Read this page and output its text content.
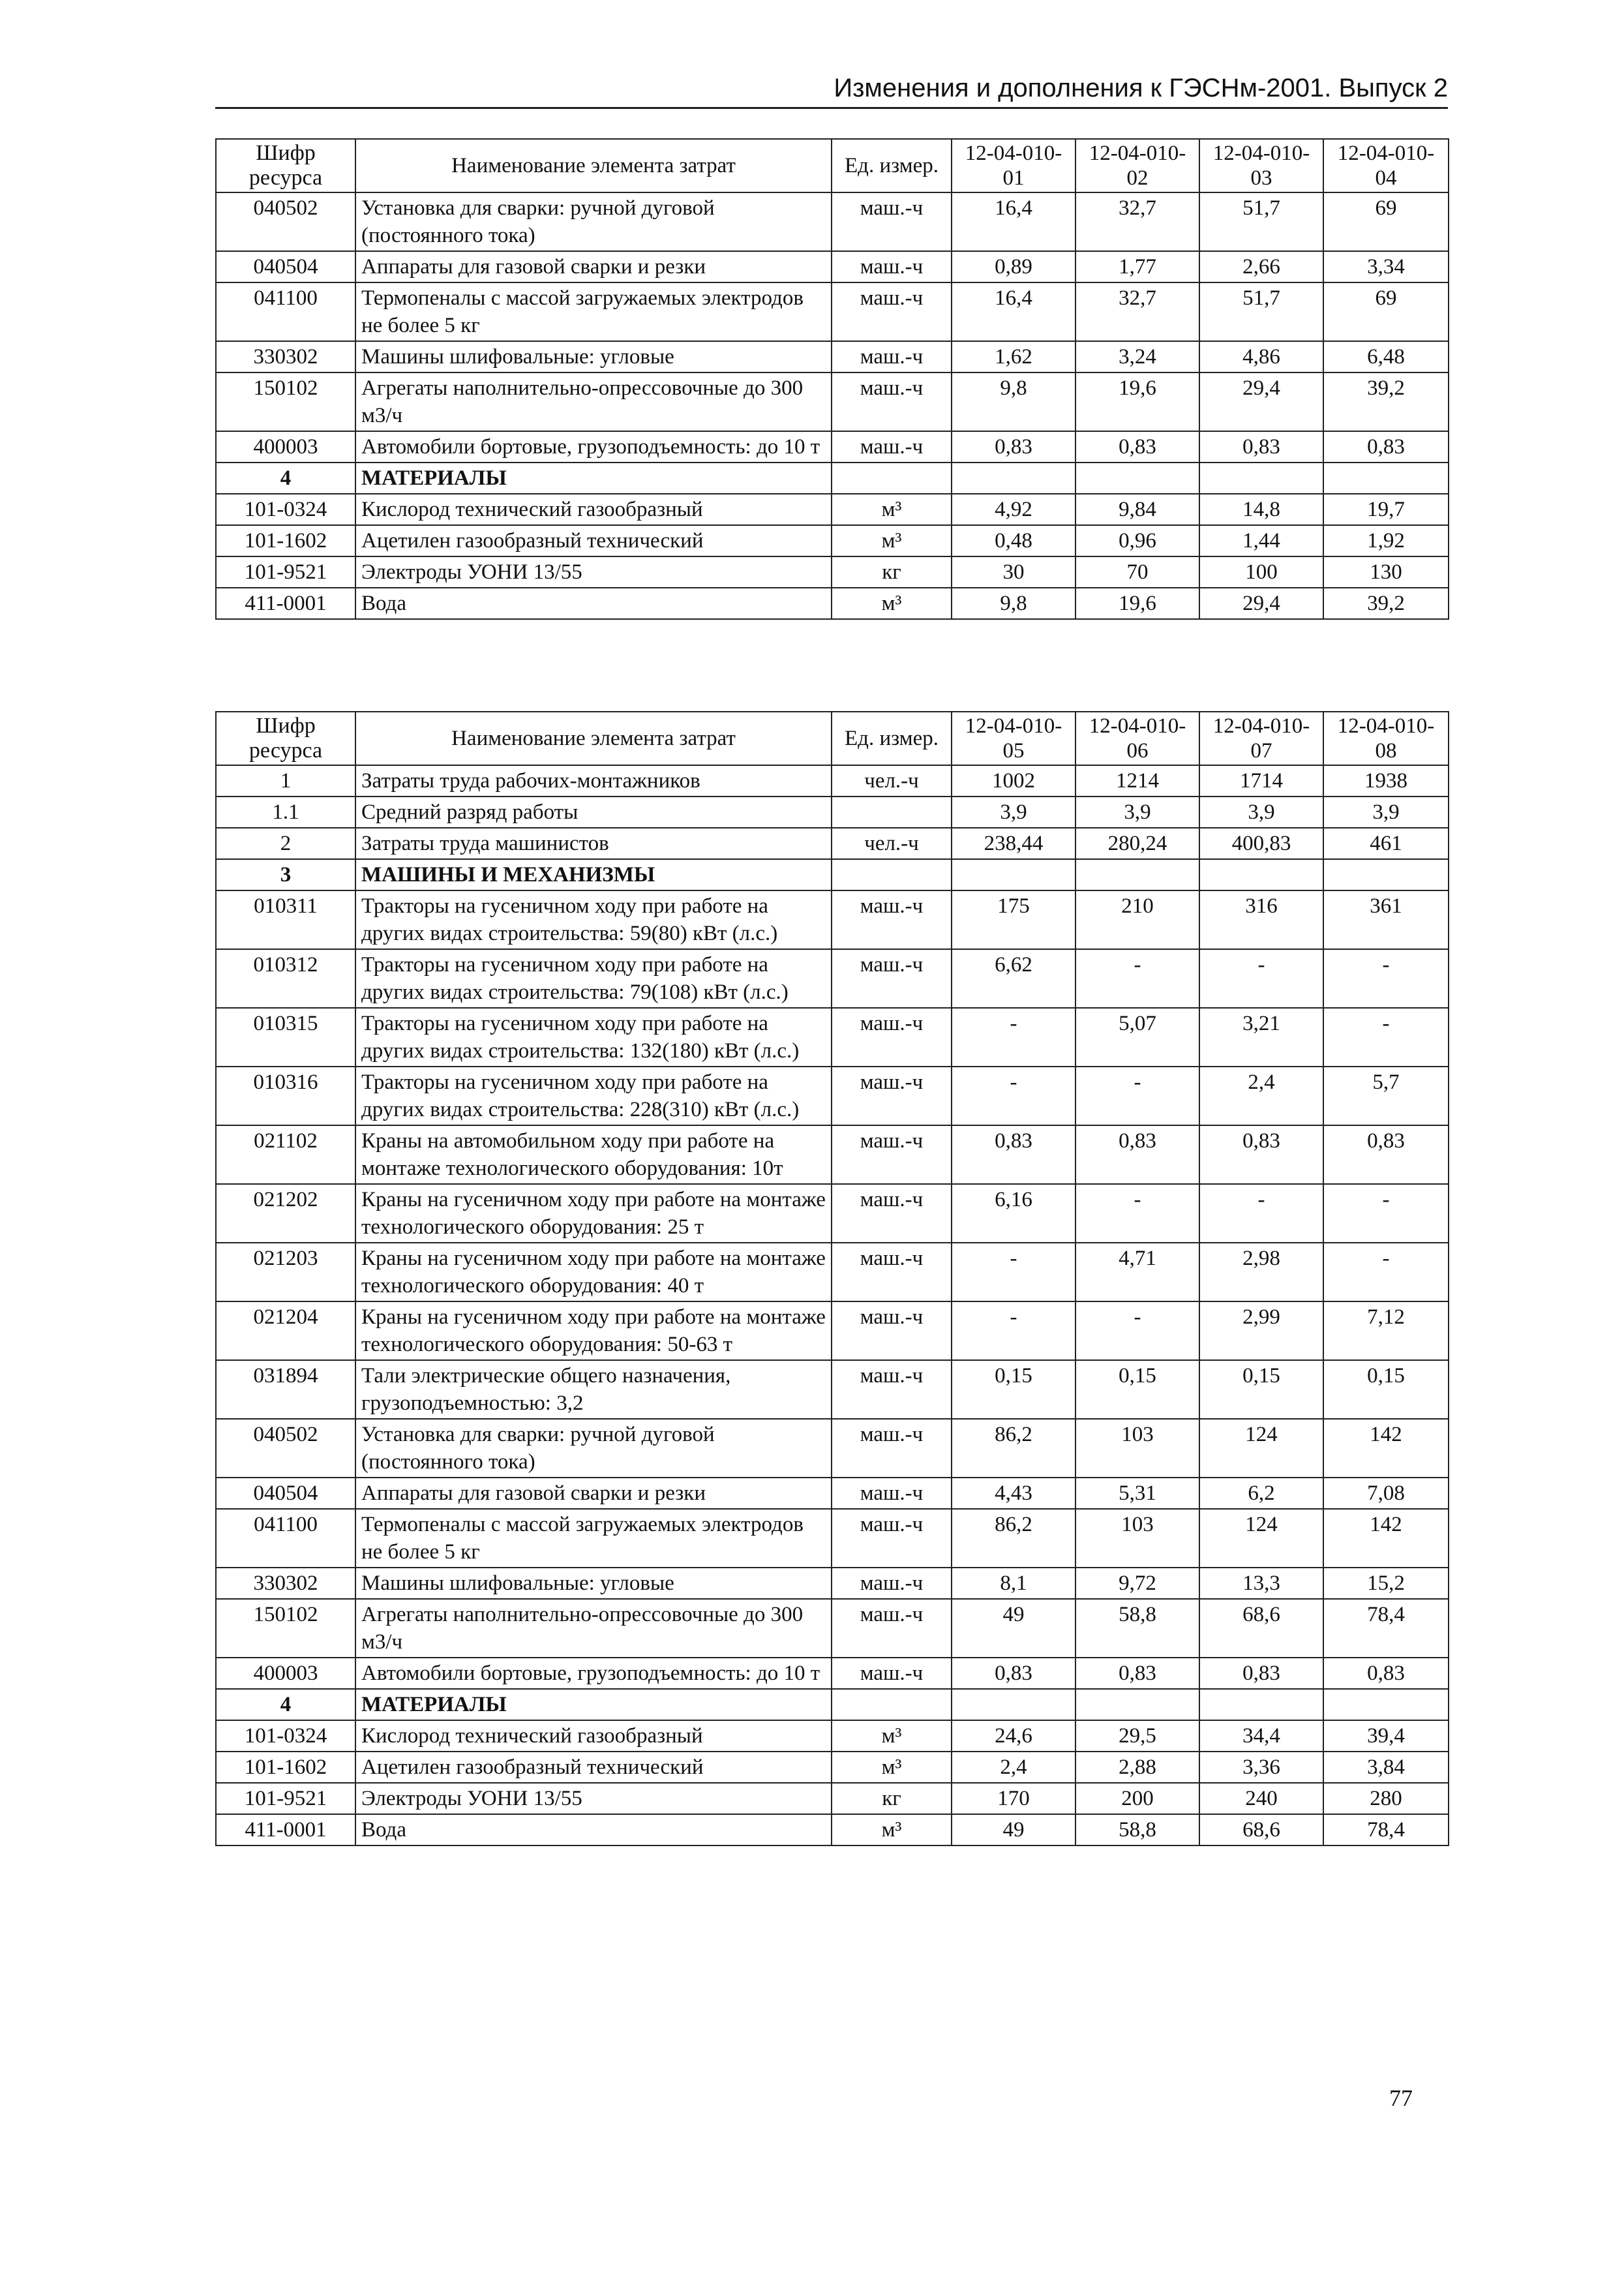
Изменения и дополнения к ГЭСНм-2001. Выпуск 2
Шифр ресурса	Наименование элемента затрат	Ед. измер.	12-04-010-01	12-04-010-02	12-04-010-03	12-04-010-04
040502	Установка для сварки: ручной дуговой (постоянного тока)	маш.-ч	16,4	32,7	51,7	69
040504	Аппараты для газовой сварки и резки	маш.-ч	0,89	1,77	2,66	3,34
041100	Термопеналы с массой загружаемых электродов не более 5 кг	маш.-ч	16,4	32,7	51,7	69
330302	Машины шлифовальные: угловые	маш.-ч	1,62	3,24	4,86	6,48
150102	Агрегаты наполнительно-опрессовочные до 300 м3/ч	маш.-ч	9,8	19,6	29,4	39,2
400003	Автомобили бортовые, грузоподъемность: до 10 т	маш.-ч	0,83	0,83	0,83	0,83
4	МАТЕРИАЛЫ					
101-0324	Кислород технический газообразный	м³	4,92	9,84	14,8	19,7
101-1602	Ацетилен газообразный технический	м³	0,48	0,96	1,44	1,92
101-9521	Электроды УОНИ 13/55	кг	30	70	100	130
411-0001	Вода	м³	9,8	19,6	29,4	39,2
Шифр ресурса	Наименование элемента затрат	Ед. измер.	12-04-010-05	12-04-010-06	12-04-010-07	12-04-010-08
1	Затраты труда рабочих-монтажников	чел.-ч	1002	1214	1714	1938
1.1	Средний разряд работы		3,9	3,9	3,9	3,9
2	Затраты труда машинистов	чел.-ч	238,44	280,24	400,83	461
3	МАШИНЫ И МЕХАНИЗМЫ					
010311	Тракторы на гусеничном ходу при работе на других видах строительства: 59(80) кВт (л.с.)	маш.-ч	175	210	316	361
010312	Тракторы на гусеничном ходу при работе на других видах строительства: 79(108) кВт (л.с.)	маш.-ч	6,62	-	-	-
010315	Тракторы на гусеничном ходу при работе на других видах строительства: 132(180) кВт (л.с.)	маш.-ч	-	5,07	3,21	-
010316	Тракторы на гусеничном ходу при работе на других видах строительства: 228(310) кВт (л.с.)	маш.-ч	-	-	2,4	5,7
021102	Краны на автомобильном ходу при работе на монтаже технологического оборудования: 10т	маш.-ч	0,83	0,83	0,83	0,83
021202	Краны на гусеничном ходу при работе на монтаже технологического оборудования: 25 т	маш.-ч	6,16	-	-	-
021203	Краны на гусеничном ходу при работе на монтаже технологического оборудования: 40 т	маш.-ч	-	4,71	2,98	-
021204	Краны на гусеничном ходу при работе на монтаже технологического оборудования: 50-63 т	маш.-ч	-	-	2,99	7,12
031894	Тали электрические общего назначения, грузоподъемностью: 3,2	маш.-ч	0,15	0,15	0,15	0,15
040502	Установка для сварки: ручной дуговой (постоянного тока)	маш.-ч	86,2	103	124	142
040504	Аппараты для газовой сварки и резки	маш.-ч	4,43	5,31	6,2	7,08
041100	Термопеналы с массой загружаемых электродов не более 5 кг	маш.-ч	86,2	103	124	142
330302	Машины шлифовальные: угловые	маш.-ч	8,1	9,72	13,3	15,2
150102	Агрегаты наполнительно-опрессовочные до 300 м3/ч	маш.-ч	49	58,8	68,6	78,4
400003	Автомобили бортовые, грузоподъемность: до 10 т	маш.-ч	0,83	0,83	0,83	0,83
4	МАТЕРИАЛЫ					
101-0324	Кислород технический газообразный	м³	24,6	29,5	34,4	39,4
101-1602	Ацетилен газообразный технический	м³	2,4	2,88	3,36	3,84
101-9521	Электроды УОНИ 13/55	кг	170	200	240	280
411-0001	Вода	м³	49	58,8	68,6	78,4
77
